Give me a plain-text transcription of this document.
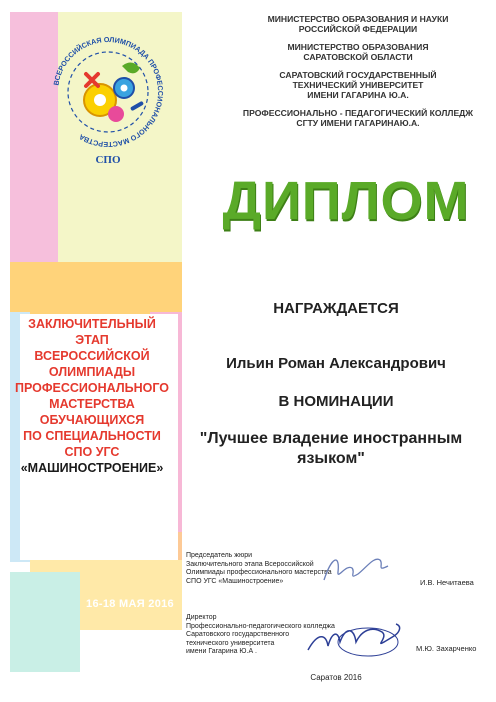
ВСЕРОССИЙСКАЯ ОЛИМПИАДА ПРОФЕССИОНАЛЬНОГО МАСТЕРСТВА
СПО
16-18 МАЯ 2016
ЗАКЛЮЧИТЕЛЬНЫЙ ЭТАП
ВСЕРОССИЙСКОЙ
ОЛИМПИАДЫ
ПРОФЕССИОНАЛЬНОГО
МАСТЕРСТВА ОБУЧАЮЩИХСЯ
ПО СПЕЦИАЛЬНОСТИ
СПО УГС
«МАШИНОСТРОЕНИЕ»

МИНИСТЕРСТВО ОБРАЗОВАНИЯ И НАУКИ
РОССИЙСКОЙ ФЕДЕРАЦИИ

МИНИСТЕРСТВО ОБРАЗОВАНИЯ
САРАТОВСКОЙ ОБЛАСТИ

САРАТОВСКИЙ ГОСУДАРСТВЕННЫЙ
ТЕХНИЧЕСКИЙ УНИВЕРСИТЕТ
ИМЕНИ ГАГАРИНА Ю.А.

ПРОФЕССИОНАЛЬНО - ПЕДАГОГИЧЕСКИЙ КОЛЛЕДЖ
СГТУ ИМЕНИ ГАГАРИНАЮ.А.

ДИПЛОМ
НАГРАЖДАЕТСЯ
Ильин Роман Александрович
В НОМИНАЦИИ
"Лучшее владение иностранным
языком"
Председатель жюри
Заключительного этапа Всероссийской
Олимпиады профессионального мастерства
СПО УГС «Машиностроение»	И.В. Нечитаева
Директор
Профессионально-педагогического колледжа
Саратовского государственного
технического университета
имени Гагарина Ю.А .	М.Ю. Захарченко
Саратов 2016
